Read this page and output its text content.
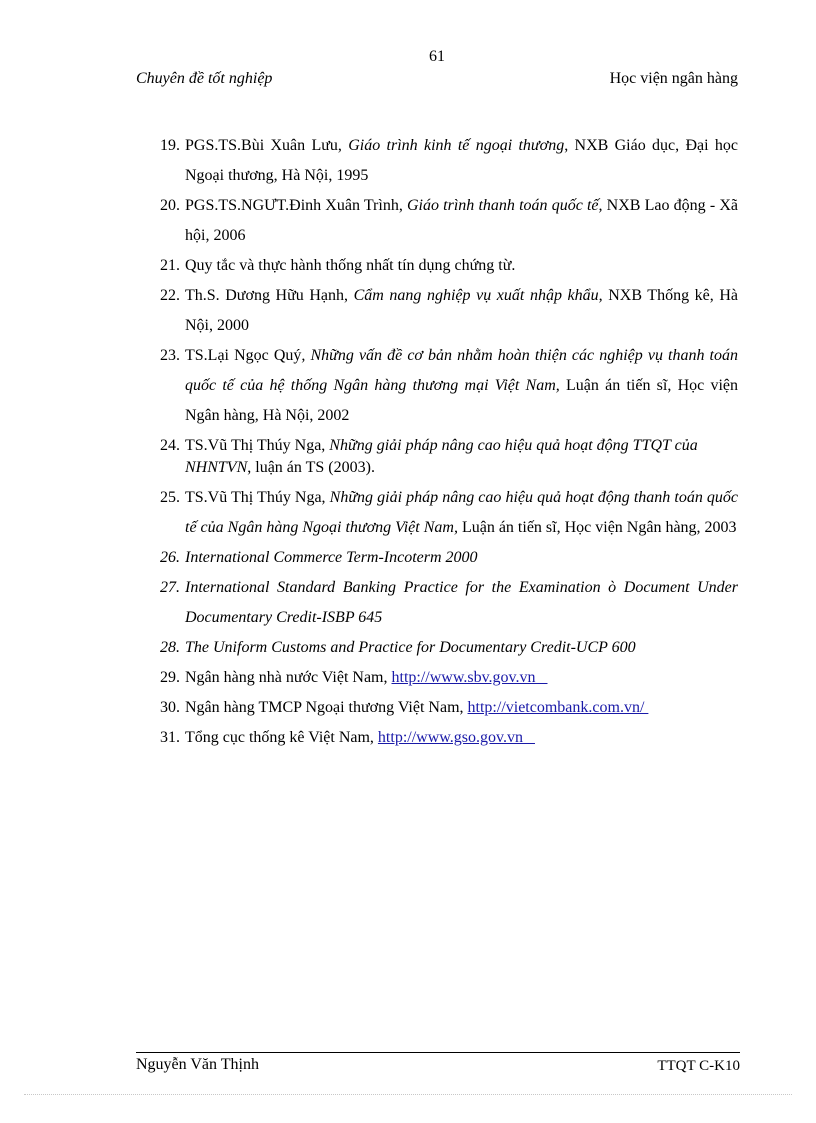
61
Chuyên đề tốt nghiệp	Học viện ngân hàng
19. PGS.TS.Bùi Xuân Lưu, Giáo trình kinh tế ngoại thương, NXB Giáo dục, Đại học Ngoại thương, Hà Nội, 1995
20. PGS.TS.NGƯT.Đinh Xuân Trình, Giáo trình thanh toán quốc tế, NXB Lao động - Xã hội, 2006
21. Quy tắc và thực hành thống nhất tín dụng chứng từ.
22. Th.S. Dương Hữu Hạnh, Cẩm nang nghiệp vụ xuất nhập khẩu, NXB Thống kê, Hà Nội, 2000
23. TS.Lại Ngọc Quý, Những vấn đề cơ bản nhằm hoàn thiện các nghiệp vụ thanh toán quốc tế của hệ thống Ngân hàng thương mại Việt Nam, Luận án tiến sĩ, Học viện Ngân hàng, Hà Nội, 2002
24. TS.Vũ Thị Thúy Nga, Những giải pháp nâng cao hiệu quả hoạt động TTQT của NHNTVN, luận án TS (2003).
25. TS.Vũ Thị Thúy Nga, Những giải pháp nâng cao hiệu quả hoạt động thanh toán quốc tế của Ngân hàng Ngoại thương Việt Nam, Luận án tiến sĩ, Học viện Ngân hàng, 2003
26. International Commerce Term-Incoterm 2000
27. International Standard Banking Practice for the Examination ò Document Under Documentary Credit-ISBP 645
28. The Uniform Customs and Practice for Documentary Credit-UCP 600
29. Ngân hàng nhà nước Việt Nam, http://www.sbv.gov.vn
30. Ngân hàng TMCP Ngoại thương Việt Nam, http://vietcombank.com.vn/
31. Tổng cục thống kê Việt Nam, http://www.gso.gov.vn
Nguyễn Văn Thịnh	TTQT C-K10
